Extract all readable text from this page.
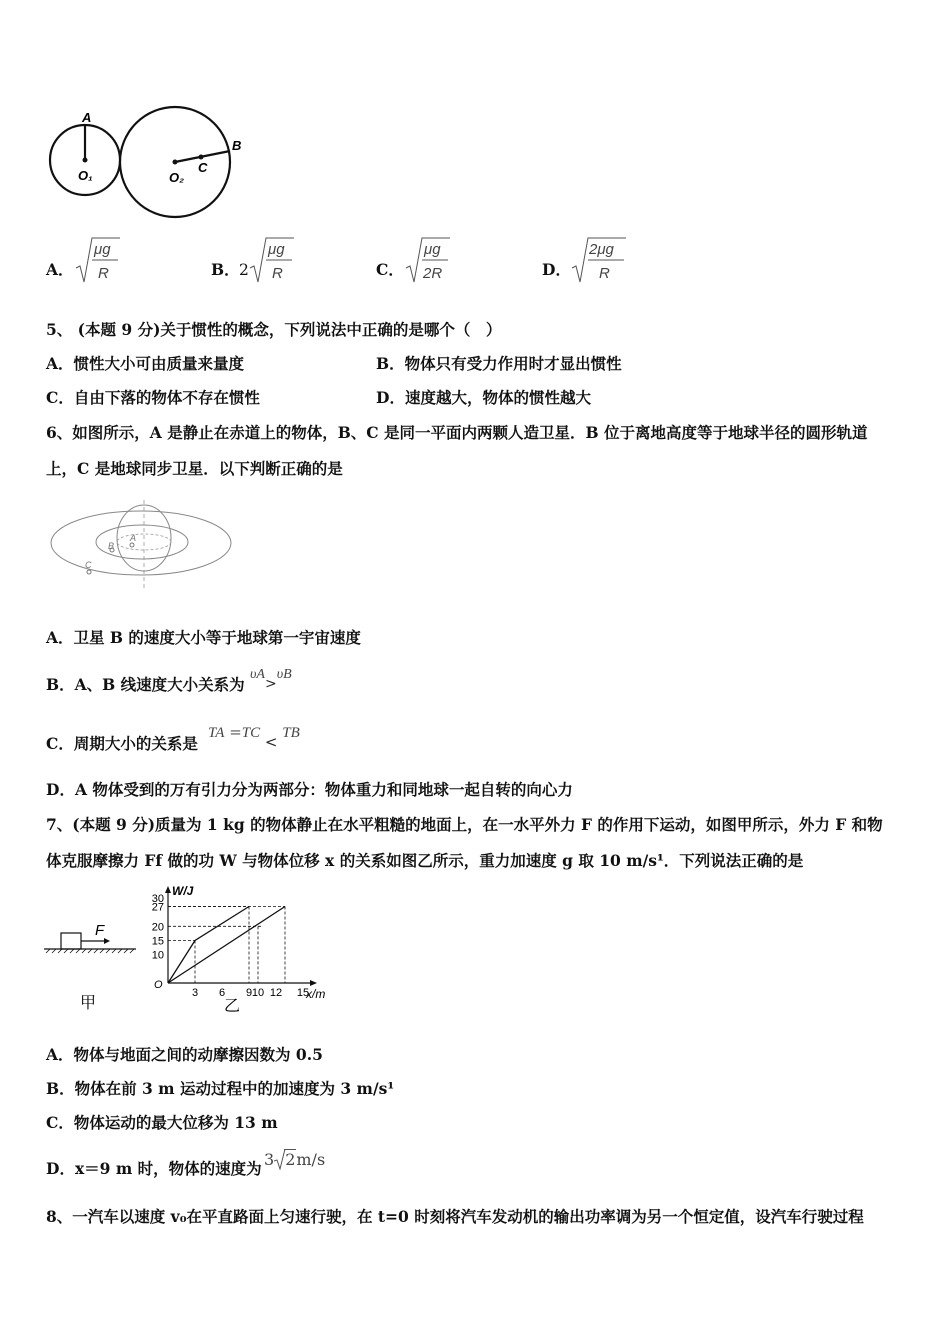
A
O₁	O₂
C
B
A．
μg
R	B． 2
μg
R	C．
μg
2R	D．
2μg
R
5、 (本题 9 分)关于惯性的概念，下列说法中正确的是哪个（　）
A．惯性大小可由质量来量度	B．物体只有受力作用时才显出惯性
C．自由下落的物体不存在惯性	D．速度越大，物体的惯性越大
6、如图所示，A 是静止在赤道上的物体，B、C 是同一平面内两颗人造卫星．B 位于离地高度等于地球半径的圆形轨道
上，C 是地球同步卫星．以下判断正确的是
A
B
C
A．卫星 B 的速度大小等于地球第一宇宙速度
B．A、B 线速度大小关系为
υA>υB
C．周期大小的关系是
TA =TC < TB
D．A 物体受到的万有引力分为两部分：物体重力和同地球一起自转的向心力
7、(本题 9 分)质量为 1 kg 的物体静止在水平粗糙的地面上，在一水平外力 F 的作用下运动，如图甲所示，外力 F 和物
体克服摩擦力 Ff 做的功 W 与物体位移 x 的关系如图乙所示，重力加速度 g 取 10 m/s¹．下列说法正确的是
F
甲
W/J
x/m
O
乙
30
27
20
15
10
3 6 9 10 12 15
A．物体与地面之间的动摩擦因数为 0.5
B．物体在前 3 m 运动过程中的加速度为 3 m/s¹
C．物体运动的最大位移为 13 m
D．x＝9 m 时，物体的速度为 3 2m/s
8、一汽车以速度 v₀在平直路面上匀速行驶，在 t=0 时刻将汽车发动机的输出功率调为另一个恒定值，设汽车行驶过程
